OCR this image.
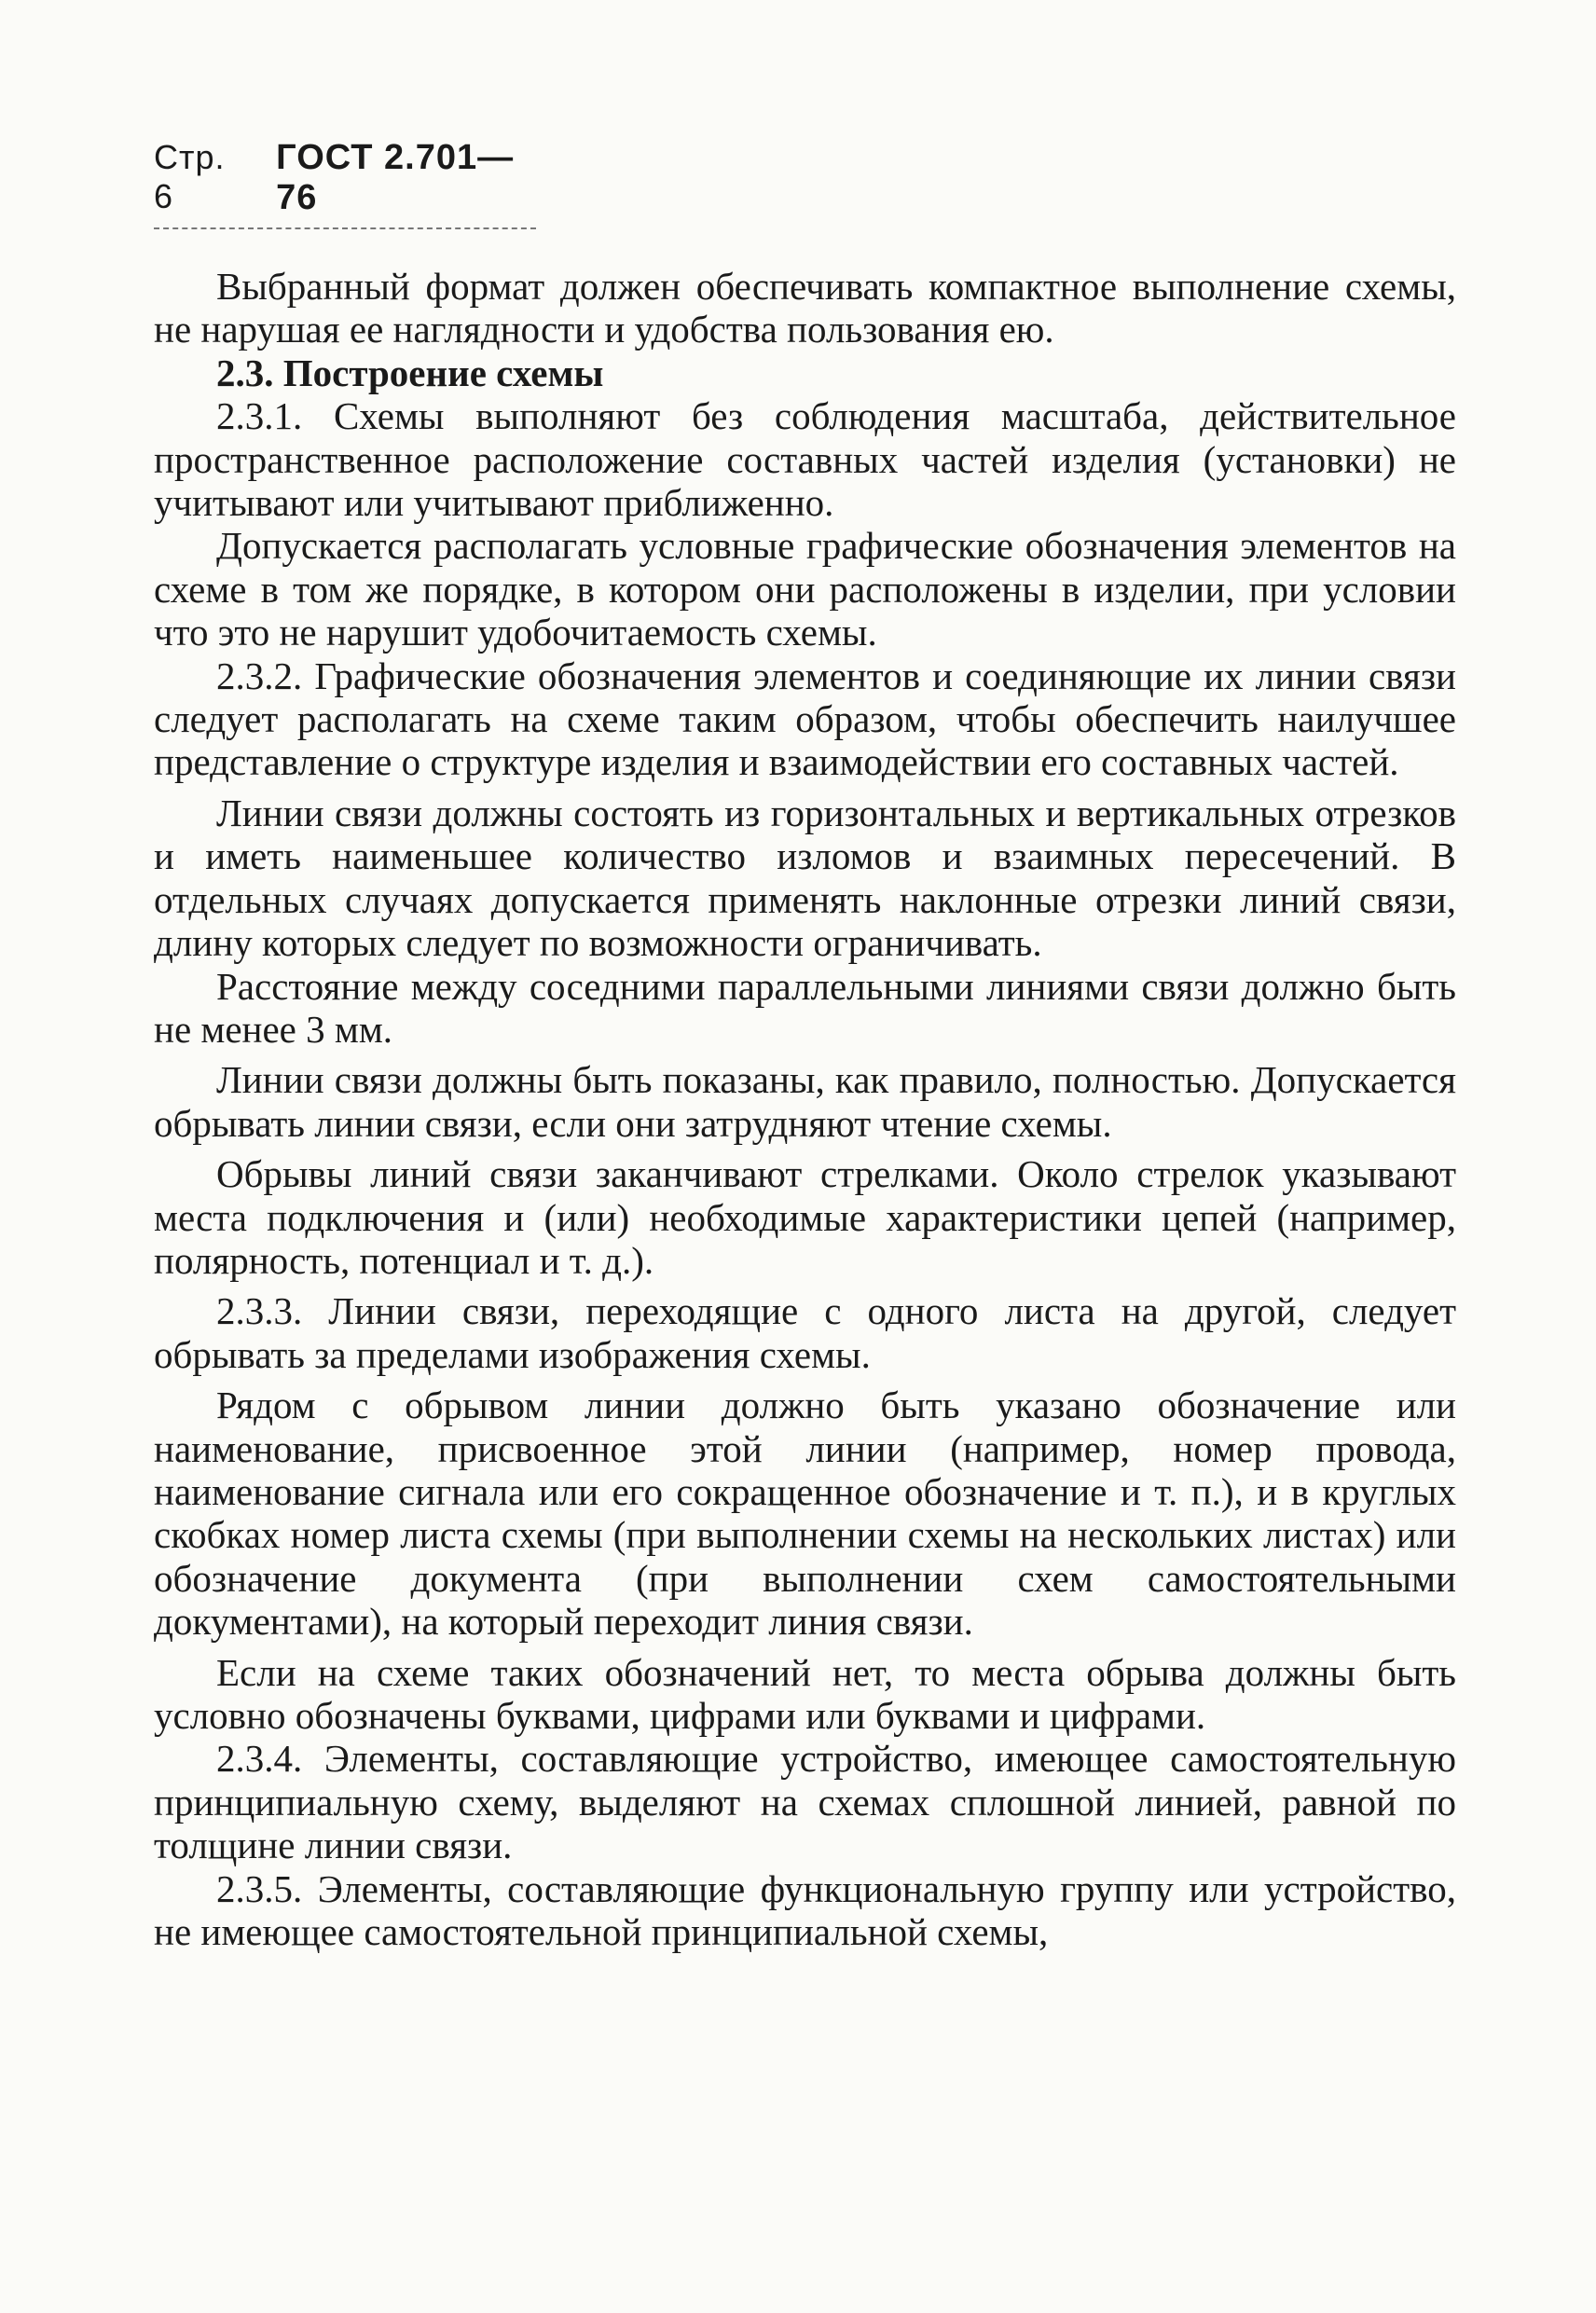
Стр. 6
ГОСТ 2.701—76

Выбранный формат должен обеспечивать компактное выполнение схемы, не нарушая ее наглядности и удобства пользования ею.

2.3. Построение схемы

2.3.1. Схемы выполняют без соблюдения масштаба, действительное пространственное расположение составных частей изделия (установки) не учитывают или учитывают приближенно.

Допускается располагать условные графические обозначения элементов на схеме в том же порядке, в котором они расположены в изделии, при условии что это не нарушит удобочитаемость схемы.

2.3.2. Графические обозначения элементов и соединяющие их линии связи следует располагать на схеме таким образом, чтобы обеспечить наилучшее представление о структуре изделия и взаимодействии его составных частей.

Линии связи должны состоять из горизонтальных и вертикальных отрезков и иметь наименьшее количество изломов и взаимных пересечений. В отдельных случаях допускается применять наклонные отрезки линий связи, длину которых следует по возможности ограничивать.

Расстояние между соседними параллельными линиями связи должно быть не менее 3 мм.

Линии связи должны быть показаны, как правило, полностью. Допускается обрывать линии связи, если они затрудняют чтение схемы.

Обрывы линий связи заканчивают стрелками. Около стрелок указывают места подключения и (или) необходимые характеристики цепей (например, полярность, потенциал и т. д.).

2.3.3. Линии связи, переходящие с одного листа на другой, следует обрывать за пределами изображения схемы.

Рядом с обрывом линии должно быть указано обозначение или наименование, присвоенное этой линии (например, номер провода, наименование сигнала или его сокращенное обозначение и т. п.), и в круглых скобках номер листа схемы (при выполнении схемы на нескольких листах) или обозначение документа (при выполнении схем самостоятельными документами), на который переходит линия связи.

Если на схеме таких обозначений нет, то места обрыва должны быть условно обозначены буквами, цифрами или буквами и цифрами.

2.3.4. Элементы, составляющие устройство, имеющее самостоятельную принципиальную схему, выделяют на схемах сплошной линией, равной по толщине линии связи.

2.3.5. Элементы, составляющие функциональную группу или устройство, не имеющее самостоятельной принципиальной схемы,
